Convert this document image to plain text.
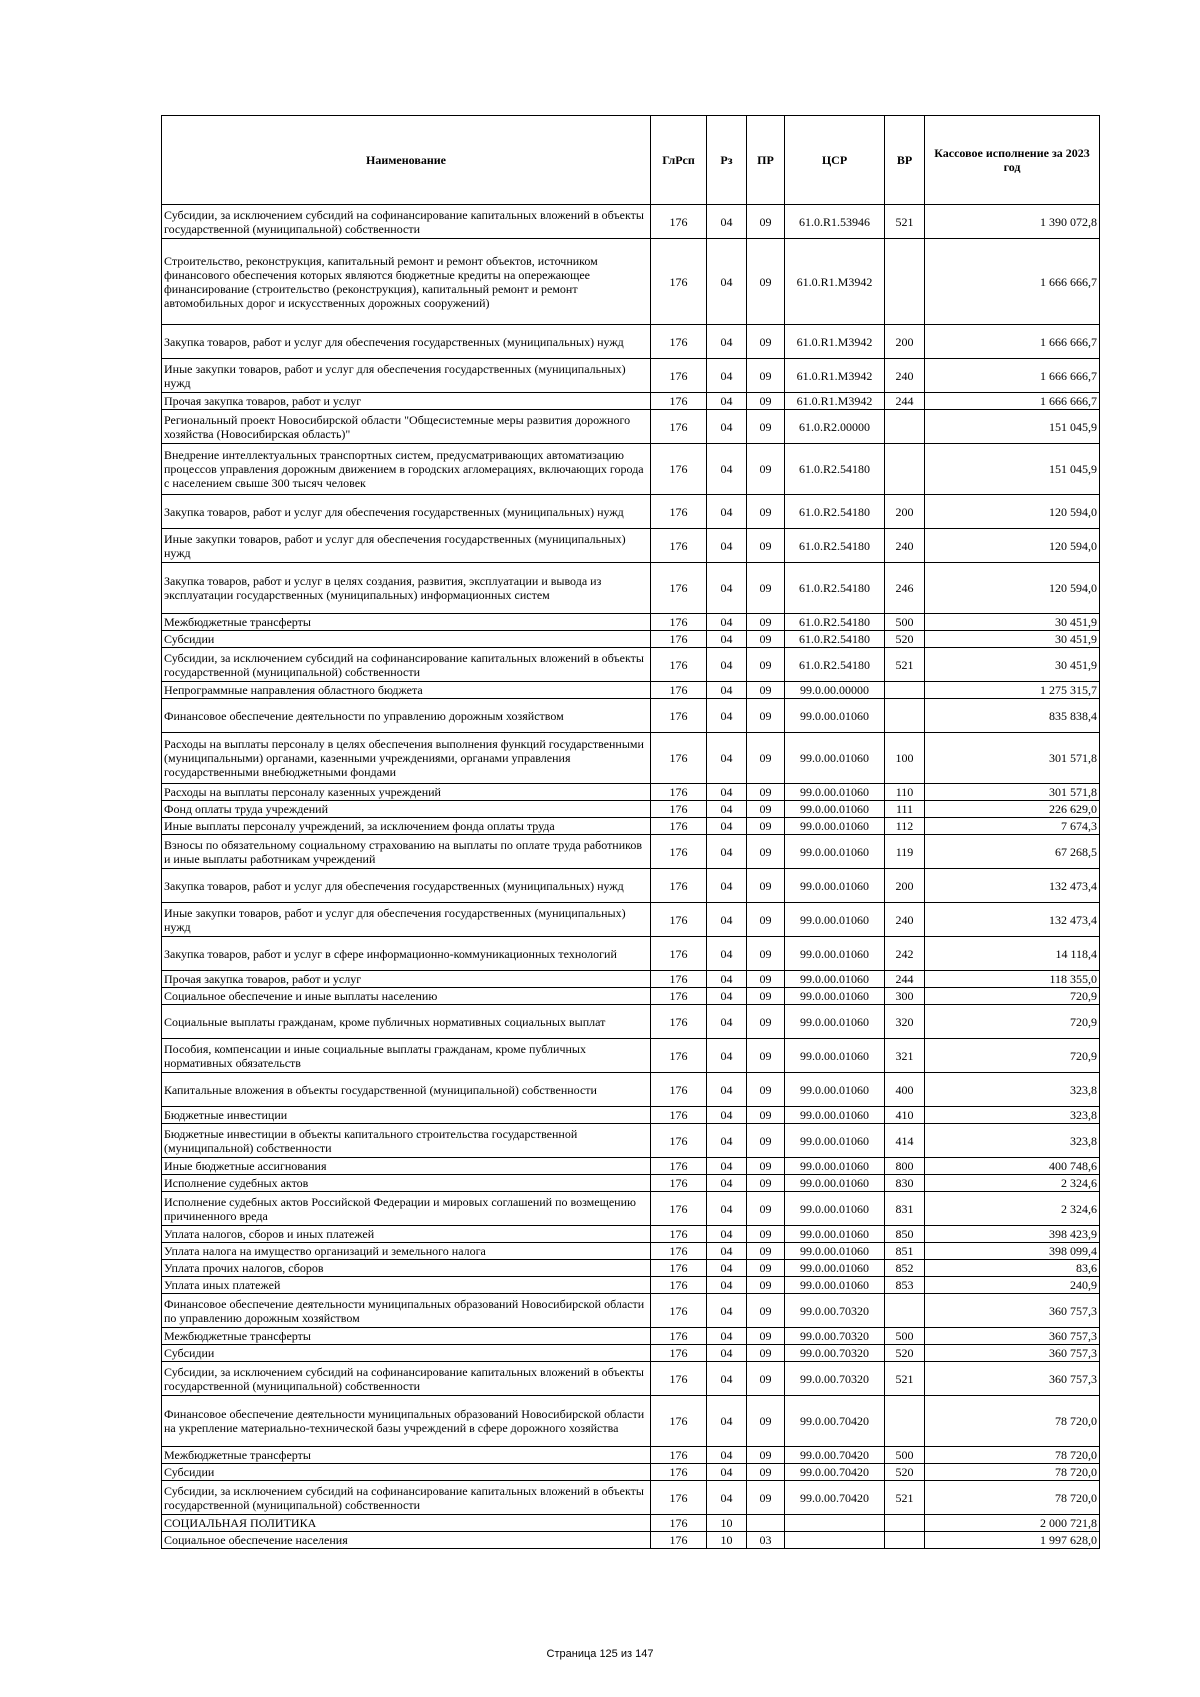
Наименование	ГлРсп	Рз	ПР	ЦСР	ВР	Кассовое исполнение за 2023 год
Субсидии, за исключением субсидий на софинансирование капитальных вложений в объекты государственной (муниципальной) собственности	176	04	09	61.0.R1.53946	521	1 390 072,8
Строительство, реконструкция, капитальный ремонт и ремонт объектов, источником финансового обеспечения которых являются бюджетные кредиты на опережающее финансирование (строительство (реконструкция), капитальный ремонт и ремонт автомобильных дорог и искусственных дорожных сооружений)	176	04	09	61.0.R1.M3942		1 666 666,7
Закупка товаров, работ и услуг для обеспечения государственных (муниципальных) нужд	176	04	09	61.0.R1.M3942	200	1 666 666,7
Иные закупки товаров, работ и услуг для обеспечения государственных (муниципальных) нужд	176	04	09	61.0.R1.M3942	240	1 666 666,7
Прочая закупка товаров, работ и услуг	176	04	09	61.0.R1.M3942	244	1 666 666,7
Региональный проект Новосибирской области "Общесистемные меры развития дорожного хозяйства (Новосибирская область)"	176	04	09	61.0.R2.00000		151 045,9
Внедрение интеллектуальных транспортных систем, предусматривающих автоматизацию процессов управления дорожным движением в городских агломерациях, включающих города с населением свыше 300 тысяч человек	176	04	09	61.0.R2.54180		151 045,9
Закупка товаров, работ и услуг для обеспечения государственных (муниципальных) нужд	176	04	09	61.0.R2.54180	200	120 594,0
Иные закупки товаров, работ и услуг для обеспечения государственных (муниципальных) нужд	176	04	09	61.0.R2.54180	240	120 594,0
Закупка товаров, работ и услуг в целях создания, развития, эксплуатации и вывода из эксплуатации государственных (муниципальных) информационных систем	176	04	09	61.0.R2.54180	246	120 594,0
Межбюджетные трансферты	176	04	09	61.0.R2.54180	500	30 451,9
Субсидии	176	04	09	61.0.R2.54180	520	30 451,9
Субсидии, за исключением субсидий на софинансирование капитальных вложений в объекты государственной (муниципальной) собственности	176	04	09	61.0.R2.54180	521	30 451,9
Непрограммные направления областного бюджета	176	04	09	99.0.00.00000		1 275 315,7
Финансовое обеспечение деятельности по управлению дорожным хозяйством	176	04	09	99.0.00.01060		835 838,4
Расходы на выплаты персоналу в целях обеспечения выполнения функций государственными (муниципальными) органами, казенными учреждениями, органами управления государственными внебюджетными фондами	176	04	09	99.0.00.01060	100	301 571,8
Расходы на выплаты персоналу казенных учреждений	176	04	09	99.0.00.01060	110	301 571,8
Фонд оплаты труда учреждений	176	04	09	99.0.00.01060	111	226 629,0
Иные выплаты персоналу учреждений, за исключением фонда оплаты труда	176	04	09	99.0.00.01060	112	7 674,3
Взносы по обязательному социальному страхованию на выплаты по оплате труда работников и иные выплаты работникам учреждений	176	04	09	99.0.00.01060	119	67 268,5
Закупка товаров, работ и услуг для обеспечения государственных (муниципальных) нужд	176	04	09	99.0.00.01060	200	132 473,4
Иные закупки товаров, работ и услуг для обеспечения государственных (муниципальных) нужд	176	04	09	99.0.00.01060	240	132 473,4
Закупка товаров, работ и услуг в сфере информационно-коммуникационных технологий	176	04	09	99.0.00.01060	242	14 118,4
Прочая закупка товаров, работ и услуг	176	04	09	99.0.00.01060	244	118 355,0
Социальное обеспечение и иные выплаты населению	176	04	09	99.0.00.01060	300	720,9
Социальные выплаты гражданам, кроме публичных нормативных социальных выплат	176	04	09	99.0.00.01060	320	720,9
Пособия, компенсации и иные социальные выплаты гражданам, кроме публичных нормативных обязательств	176	04	09	99.0.00.01060	321	720,9
Капитальные вложения в объекты государственной (муниципальной) собственности	176	04	09	99.0.00.01060	400	323,8
Бюджетные инвестиции	176	04	09	99.0.00.01060	410	323,8
Бюджетные инвестиции в объекты капитального строительства государственной (муниципальной) собственности	176	04	09	99.0.00.01060	414	323,8
Иные бюджетные ассигнования	176	04	09	99.0.00.01060	800	400 748,6
Исполнение судебных актов	176	04	09	99.0.00.01060	830	2 324,6
Исполнение судебных актов Российской Федерации и мировых соглашений по возмещению причиненного вреда	176	04	09	99.0.00.01060	831	2 324,6
Уплата налогов, сборов и иных платежей	176	04	09	99.0.00.01060	850	398 423,9
Уплата налога на имущество организаций и земельного налога	176	04	09	99.0.00.01060	851	398 099,4
Уплата прочих налогов, сборов	176	04	09	99.0.00.01060	852	83,6
Уплата иных платежей	176	04	09	99.0.00.01060	853	240,9
Финансовое обеспечение деятельности муниципальных образований Новосибирской области по управлению дорожным хозяйством	176	04	09	99.0.00.70320		360 757,3
Межбюджетные трансферты	176	04	09	99.0.00.70320	500	360 757,3
Субсидии	176	04	09	99.0.00.70320	520	360 757,3
Субсидии, за исключением субсидий на софинансирование капитальных вложений в объекты государственной (муниципальной) собственности	176	04	09	99.0.00.70320	521	360 757,3
Финансовое обеспечение деятельности муниципальных образований Новосибирской области на укрепление материально-технической базы учреждений в сфере дорожного хозяйства	176	04	09	99.0.00.70420		78 720,0
Межбюджетные трансферты	176	04	09	99.0.00.70420	500	78 720,0
Субсидии	176	04	09	99.0.00.70420	520	78 720,0
Субсидии, за исключением субсидий на софинансирование капитальных вложений в объекты государственной (муниципальной) собственности	176	04	09	99.0.00.70420	521	78 720,0
СОЦИАЛЬНАЯ ПОЛИТИКА	176	10				2 000 721,8
Социальное обеспечение населения	176	10	03			1 997 628,0
Страница 125 из 147
